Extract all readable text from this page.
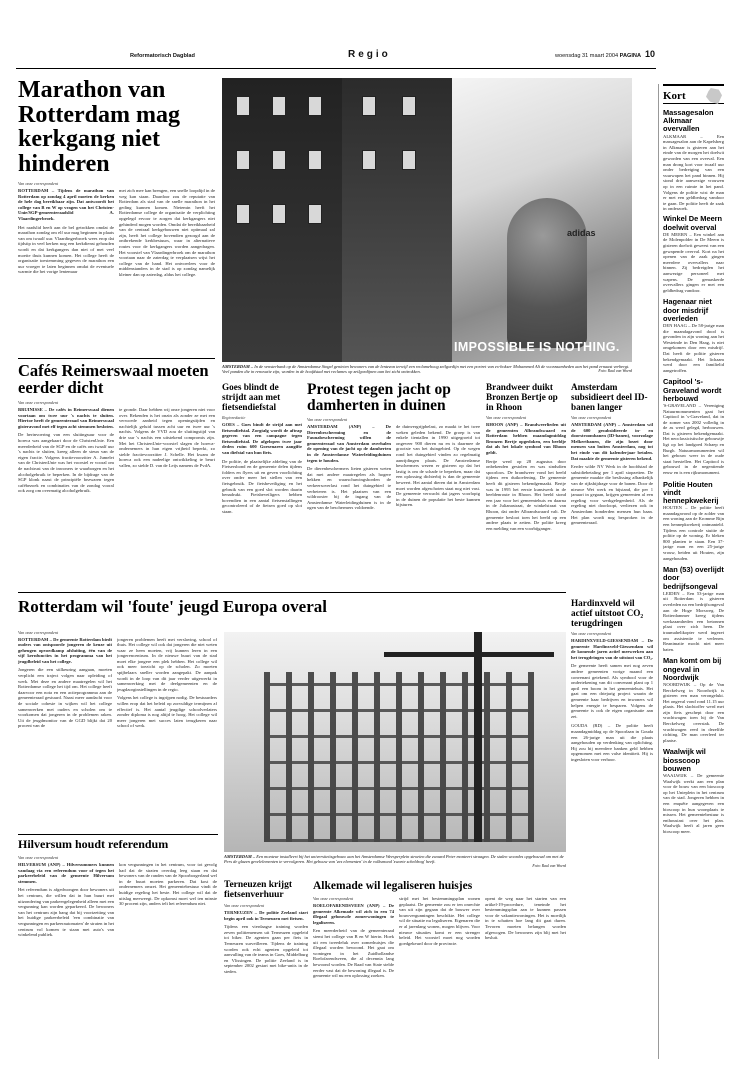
Reformatorisch Dagblad	Regio	woensdag 31 maart 2004 PAGINA 10
Marathon van Rotterdam mag kerkgang niet hinderen
Van onze correspondent

ROTTERDAM – Tijdens de marathon van Rotterdam op zondag 4 april moeten de kerken de hele dag bereikbaar zijn. Dat antwoordt het college van B en W op vragen van het Christen-Unie/SGP-gemeenteraadslid A. Vlaardingerbroek.

Het raadslid heeft aan de bel getrokken omdat de marathon zondag om elf uur mag beginnen in plaats van om twaalf uur. Vlaardingerbroek wees erop dat tijdstip in veel kerken nog een kerkdienst gehouden wordt en dat kerkgangers dan niet of met veel moeite thuis kunnen komen. Het college heeft de organisatie toestemming gegeven de marathon een uur vroeger te laten beginnen omdat de eventuele warmte die het vorige lentemaar

met zich mee kan brengen, een snelle loopdijd in de weg kan staan. Daardoor zou de reputatie van Rotterdam als stad van de snelle marathon in het geding kunnen komen. Nietemin heeft het Rotterdamse college de organisatie de verplichting opgelegd ervoor te zorgen dat kerkgangers niet gehinderd mogen worden. Omdat de bereikbaarheid van de centraal kerkgebouwen niet optimaal zal zijn, heeft het college bovendien gezorgd aan de ontbrekende kerkbestuurs, waar in alternatieve routes voor de kerkgangers worden aangedragen. Het voorstel van Vlaardingerbroek om de marathon voortaan naar de zaterdag te verplaatsen wijst het college van de hand. Het ontvoerlees voor de middenstanders in de stad is op zondag namelijk kleiner dan op zaterdag, aldus het college.

Cafés Reimerswaal moeten eerder dicht
Van onze correspondent

BRUINISSE – De cafés in Reimerswaal dienen voortaan om twee uur 's nachts te sluiten. Hiertoe heeft de gemeenteraad van Reimerswaal gisteravond met elf tegen acht stemmen besloten.

De herinvoering van een sluitingsuur voor de horeca was aangekaart door de ChristenUnie. Een meerderheid van de SGP en de cafés om twaalf uur 's nachts te sluiten, kreeg alleen de steun van de eigen fractie. Volgens fractievoorzitter A. Jumelet van de ChristenUnie was het voorstel er vooral om de nachtrust van de inwoners te waarborgen en het alcoholgebruik te beperken. In de bijdrage van de SGP klonk naast de principiële bezwaren tegen cafébezoek en combinaties van de zondag vooral ook zorg om overmatig alcoholgebruik.

te gronde. Daar hebben wij onze jongeren niet voor over. Rekenden is het onzin als zonder ze met een verwoede aanbeid tegen openingstijden en nachtelijk geluid tussen acht uur en twee uur 's nachts. Volgens de VVD zou de sluitingstijd van drie uur 's nachts een uitstekend compromis zijn. Met het ChristenUnie-voorstel slagen de horeca-ondernemers in hun eigen vrijheid beperkt, zo stelde fractievoorzitter J. Schelle. Het kwam de horeca ook een nadeelige ontwikkeling te beurt vallen, zo stelde D. van de Leijs namens de PvdA.

adidas
IMPOSSIBLE IS NOTHING.
AMSTERDAM – In de vensterbank op de Amsterdamse Singel genieten bewoners van de lentezon terwijl een reclamehoog zeilgordijn met een portret van ex-bokser Mohammed Ali de voorzaamheden aan het pand ernaast verbergt. Veel panden die in renovatie zijn, worden in de hoofdstad met reclames op zeilgordijnen aan het zicht onttrokken.	Foto: Raul van Woerd
Goes blindt de strijdt aan met fietsendiefstal
Regioredactie

GOES – Goes bindt de strijd aan met fietsendiefstal. Zorgtalg wordt de aftrap gegeven van een campagne tegen fietsendiefstal. De afgelopen twee jaar deden ruim 600 Goesenaren aangifte van diefstal van hun fiets.

De politie, de plaatselijke afdeling van de Fietsersbond en de gemeente delen tijdens folders en flyers uit en geven voorlichting over onder meer het stellen van een fietsgebruik. De fietsbeveiliging en het gebruik van een goed slot worden daarin benadrukt. Fietsbeveiligers hebben bovendien in een aantal fietsenstallingen gecontroleerd of de fietsen goed op slot staan.

Protest tegen jacht op damherten in duinen
Van onze correspondent

AMSTERDAM (ANP) – De Dierenbescherming en de Faunabescherming willen de gemeenteraad van Amsterdam overhalen de opening van de jacht op de damherten in de Amsterdamse Waterleidingduinen tegen te houden.

De dierenbeschermers lieten gisteren weten dat met andere maatregelen als hogere hekken en waarschuwingsborden de verkeersoverlast rond het duingebied te verbeteren is. Het plaatsen van een wildrooster bij de ingang van de Amsterdamse Waterleidingduinen is in de ogen van de beschermers voldoende.

de duinvergrijpbelast, zo maakt te het twee weken geleden bekend. De groep is van enkele tientallen in 1990 uitgegroeid tot ongeveer 900 dieren nu en is daarmee de grootste van het duingebied. Op de wegen rond het duingebied vinden zo regelmatig aanrijdingen plaats. De Amsterdamse beschermers wezen er gisteren op dat het lastig is om de schade te beperken, maar dat een oplossing dichterbij is dan de gemeente beweert. Het aantal dieren dat in Amsterdam moet worden afgeschoten staat nog niet vast. De gemeente verwacht dat jagers voorlopig in de duinen de populatie het beste kunnen bijsturen.

Brandweer duikt Bronzen Bertje op in Rhoon
Van onze correspondent

RHOON (ANP) – Brandweerlieden uit de gemeenten Albrandswaard en Rotterdam hebben maandagmiddag Bronzen Bertje opgedoken, een beeldje dat als het lokale symbool van Rhoon geldt.

Bertje werd op 28 augustus door onbekenden gestolen en was sindsdien spoorloos. De brandweer vond het beeld tijdens een duikoefening. De gemeente heeft dit gisteren bekendgemaakt. Bertje was in 1995 het eerste kunstwerk in de beeldenroute in Rhoon. Het beeld stond een jaar voor het gemeentehuis en daarna in de Julianastraat, de winkelstraat van Rhoon, dat onder Albrandswaard valt. De gemeente besloot toen het beeld op een andere plaats te zetten. De politie kreeg een melding van een voorbijganger.

Amsterdam subsidieert deel ID-banen langer
Van onze correspondent

AMSTERDAM (ANP) – Amsterdam wil de 600 gesubsidieerde in- en doorstroombanen (ID-banen), voorzolage Melkertbanen, die zijn bezet door mensen van buiten Amsterdam, nog tot het einde van dit kalenderjaar betalen. Dat maakte de gemeente gisteren bekend.

Eerder wilde NV Werk in de hoofdstad de subsidiebetaling per 1 april stopzetten. De gemeente maakte die beslissing afhankelijk van de rijksbijdrage voor de banen. Door de nieuwe Wet werk en bijstand, die per 1 januari in gegaan, krijgen gemeenten al een regeling voor werkgelegenheid. Als de regeling niet doorloopt, verliezen ook in Amsterdam honderden mensen hun baan. Het plan wordt nog besproken in de gemeenteraad.

Rotterdam wil 'foute' jeugd Europa overal
Van onze correspondent

ROTTERDAM – De gemeente Rotterdam biedt ouders van ontspoorde jongeren de keuze uit geheugen opvoedkamp afsluiting, één van de vijf kernfuncties in het programma van het jeugdbeleid van het college.

Jongeren die een stilkeuring aangaan, moeten verplicht een traject volgen naar opleiding of werk. Met deze en andere maatregelen wil het Rotterdamse college het tijd om. Het college heeft daarvoor een nota en een actieprogramma aan de gemeenteraad gestuurd. Naast meer aandacht voor de sociale cohesie in wijken wil het college samenwerken met ouders en scholen om te voorkomen dat jongeren in de problemen raken. Uit de jeugdmonitor van de GGD blijkt dat 20 procent van de

jongeren problemen heeft met verslaving, school of thuis. Het college wil ook dat jongeren die niet weten waar ze heen moeten, vrij kunnen leren in een jongerencentrum. In de nieuwe buurt van de stad moet elke jongere een plek hebben. Het college wil ook meer toezicht op de scholen. Zo moeten spijbelaars sneller worden aangepakt. De aanpak wordt in de loop van dit jaar verder uitgewerkt in samenwerking met de deelgemeenten en de jeugdzorginstellingen in de regio.

Volgens het college is ingrijpen nodig. De bestuurders willen erop dat het beleid op zorvuldige termijnen af effectief is. Het aantal jeugdige schoolverlaters zonder diploma is nog altijd te hoog. Het college wil meer jongeren met succes laten terugkeren naar school of werk.

AMSTERDAM – Een monteur installeert bij het universiteitsgebouw aan het Amsterdamse Weesperplein stroeien die zwaard Peter monteert straagen. De stalen woordes opgebouwd om met de Pers de glazen gevelelementen te vervolgeren. Het gebouw van 'zes elementen' in de volksmond 'zwarte scheldrag' heeft.
Foto: Raul van Woerd
Hilversum houdt referendum
Van onze correspondent

HILVERSUM (ANP) – Hilversummers kunnen vandaag via een referendum voor of tegen het parkeerbeleid van de gemeente Hilversum stemmen.

Het referendum is afgedwongen door bewoners uit het centrum, die willen dat in hun buurt met uitzondering van parkeergelegenheid alleen met een vergunning kan worden geparkeerd. De bewoners van het centrum zijn bang dat bij voortzetting van het huidige parkeerbeleid 'een combinatie van vergunningen en parkeerautomaten' de straten in het centrum vol komen te staan met auto's van winkelend publiek.

kon vergunningen in het centrum, voor tot gevolg had dat de straten overdag leeg staan en dat bewoners van de randen van de Spoorborgerland wel in de buurt moeten parkeren. Dat kost de ondernemers omzet. Het gemeentebestuur vindt de huidige regeling het beste. Het college wil dat de uitslag meeweegt. De opkomst moet wel ten minste 30 procent zijn, anders telt het referendum niet.

Terneuzen krijgt fietsenverhuur
Van onze correspondent

TERNEUZEN – De politie Zeeland start begin april ook in Terneuzen met fietsen.

Tijdens een vierdaagse training worden zeven politiemensen uit Terneuzen opgeleid tot biker. De agenten gaan per fiets in Terneuzen surveilleren. Tijdens de training worden ook echt agenten opgeleid tot aanvulling van de teams in Goes, Middelburg en Vlissingen. De politie Zeeland is in september 2002 gestart met bike-units in de steden.

Alkemade wil legaliseren huisjes
Van onze correspondent

ROELOFARENDSVEEN (ANP) – De gemeente Alkemade wil zich in een 74 illegaal gebouwde zomerwoningen te legaliseren.

Een meerderheid van de gemeenteraad stemt het college van B en W hierin. Hoek uit een tweedeluk over zomerhuisjes die illegaal worden bewoond. Het gaat om woningen in het Zuidhollandse Roelofarendsveen, die al decennia lang bewoond worden. De Raad van State stelde eerder vast dat de bewoning illegaal is. De gemeente wil nu een oplossing zoeken.

strijd met het bestemmingsplan wonen geplaatst. De gemeente zou er ten onrechte van uit zijn gegaan dat de bouwer over bouwvergunningen beschikte. Het college wil de situatie nu legaliseren. Eigenaren die er al jarenlang wonen, mogen blijven. Voor nieuwe situaties komt er een strenger beleid. Het voorstel moet nog worden goedgekeurd door de provincie.

opent de weg naar het starten van een artikel-19-procedure, teneinde het bestemmingsplan aan te kunnen passen voor de vakantiewoningen. Het is moeilijk in te schatten hoe lang dit gaat duren. Tevoren moeten belangen worden afgewogen. De bewoners zijn blij met het besluit.

Hardinxveld wil actief uitstoot CO₂ terugdringen
Van onze correspondent

HARDINXVELD-GIESSENDAM – De gemeente Hardinxveld-Giessendam wil de komende jaren actief meewerken aan het terugdringen van de uitstoot van CO₂.

De gemeente heeft samen met nog zeven andere gemeenten vorige maand een convenant getekend. Als symbool voor de ondertekening van dit convenant plant op 1 april een boom in het gemeentehuis. Het gaat om een driejarig project waarin de gemeente haar bedrijven en inwoners wil helpen energie te besparen. Volgens de gemeente is ook de eigen organisatie aan zet.

GOUDA (RD) – De politie heeft maandagmiddag op de Spoorlaan in Gouda een 26-jarige man uit die plaats aangehouden op verdenking van oplichting. Hij zou bij meerdere banken geld hebben opgenomen met een valse identiteit. Hij is ingesloten voor verhoor.

Kort
Massagesalon Alkmaar overvallen

ALKMAAR – Een massagesalon aan de Kapelsberg in Alkmaar is gisteren aan het einde van de morgen het doelwit geworden van een overval. Een man drong kort voor twaalf uur onder bedreiging van een vuurwapen het pand binnen. Hij stond drie aanwezige vrouwen op in een ruimte in het pand. Volgens de politie wist de man er met een geldbedrag vandoor te gaan. De politie heeft de zaak in onderzoek.

Winkel De Meern doelwit overval

DE MEERN – Een winkel aan de Molenpolder in De Meern is gisteren doelwit geweest van een gewapende overval. Kort na het openen van de zaak gingen meerdere overvallers naar binnen. Zij bedreigden het aanwezige personeel met wapens. De gemaskerde overvallers gingen er met een geldbedrag vandoor.

Hagenaar niet door misdrijf overleden

DEN HAAG – De 58-jarige man die maandagavond dood is gevonden in zijn woning aan het Westeinde in Den Haag, is niet omgekomen door een misdrijf. Dat heeft de politie gisteren bekendgemaakt. Het lichaam werd door een familielid aangetroffen.

Capitool 's-Graveland wordt herbouwd

'S-GRAVELAND – Vereniging Natuurmonumenten gaat het Capitool in 's-Graveland, dat in de zomer van 2002 volledig in de as werd gelegd, herbouwen. Dat is gisteren bekendgemaakt. Het neoclassicistische gebouwtje ligt op het landgoed Schaep en Burgh. Natuurmonumenten wil het gebouw weer in de oude staat herstellen. Het Capitool is gebouwd in de negentiende eeuw en is een rijksmonument.

Politie Houten vindt hennepkwekerij

HOUTEN – De politie heeft maandagavond op de zolder van een woning aan de Kromme Rijn een hennepkwekerij ontmanteld. Tijdens een controle stuitte de politie op de woning. Er bleken 800 planten te staan. Een 37-jarige man en een 25-jarige vrouw, beiden uit Houten, zijn aangehouden.

Man (53) overlijdt door bedrijfsongeval

LEIDEN – Een 53-jarige man uit Rotterdam is gisteren overleden na een bedrijfsongeval aan de Hoge Morsweg. De Rotterdammer kreeg tijdens werkzaamheden een betonnen plaat over zich heen. De traumahelikopter werd ingezet om assistentie te verlenen. Reanimatie mocht niet meer baten.

Man komt om bij ongeval in Noordwijk

NOORDWIJK – Op de Van Berckelweg in Noordwijk is gisteren een man verongelukt. Het ongeval vond rond 11.15 uur plaats. Het slachtoffer werd met zijn fiets geschept door een vrachtwagen toen hij de Van Berckelweg overstak. De vrachtwagen reed in dezelfde richting. De man overleed ter plaatse.

Waalwijk wil biosscoop bouwen

WAALWIJK – De gemeente Waalwijk werkt aan een plan voor de bouw van een bioscoop op het Unieplein in het centrum van de stad. Jongeren hebben in een enquête aangegeven een bioscoop in hun woonplaats te missen. Het gemeentebestuur is enthousiast over het plan. Waalwijk heeft al jaren geen bioscoop meer.
